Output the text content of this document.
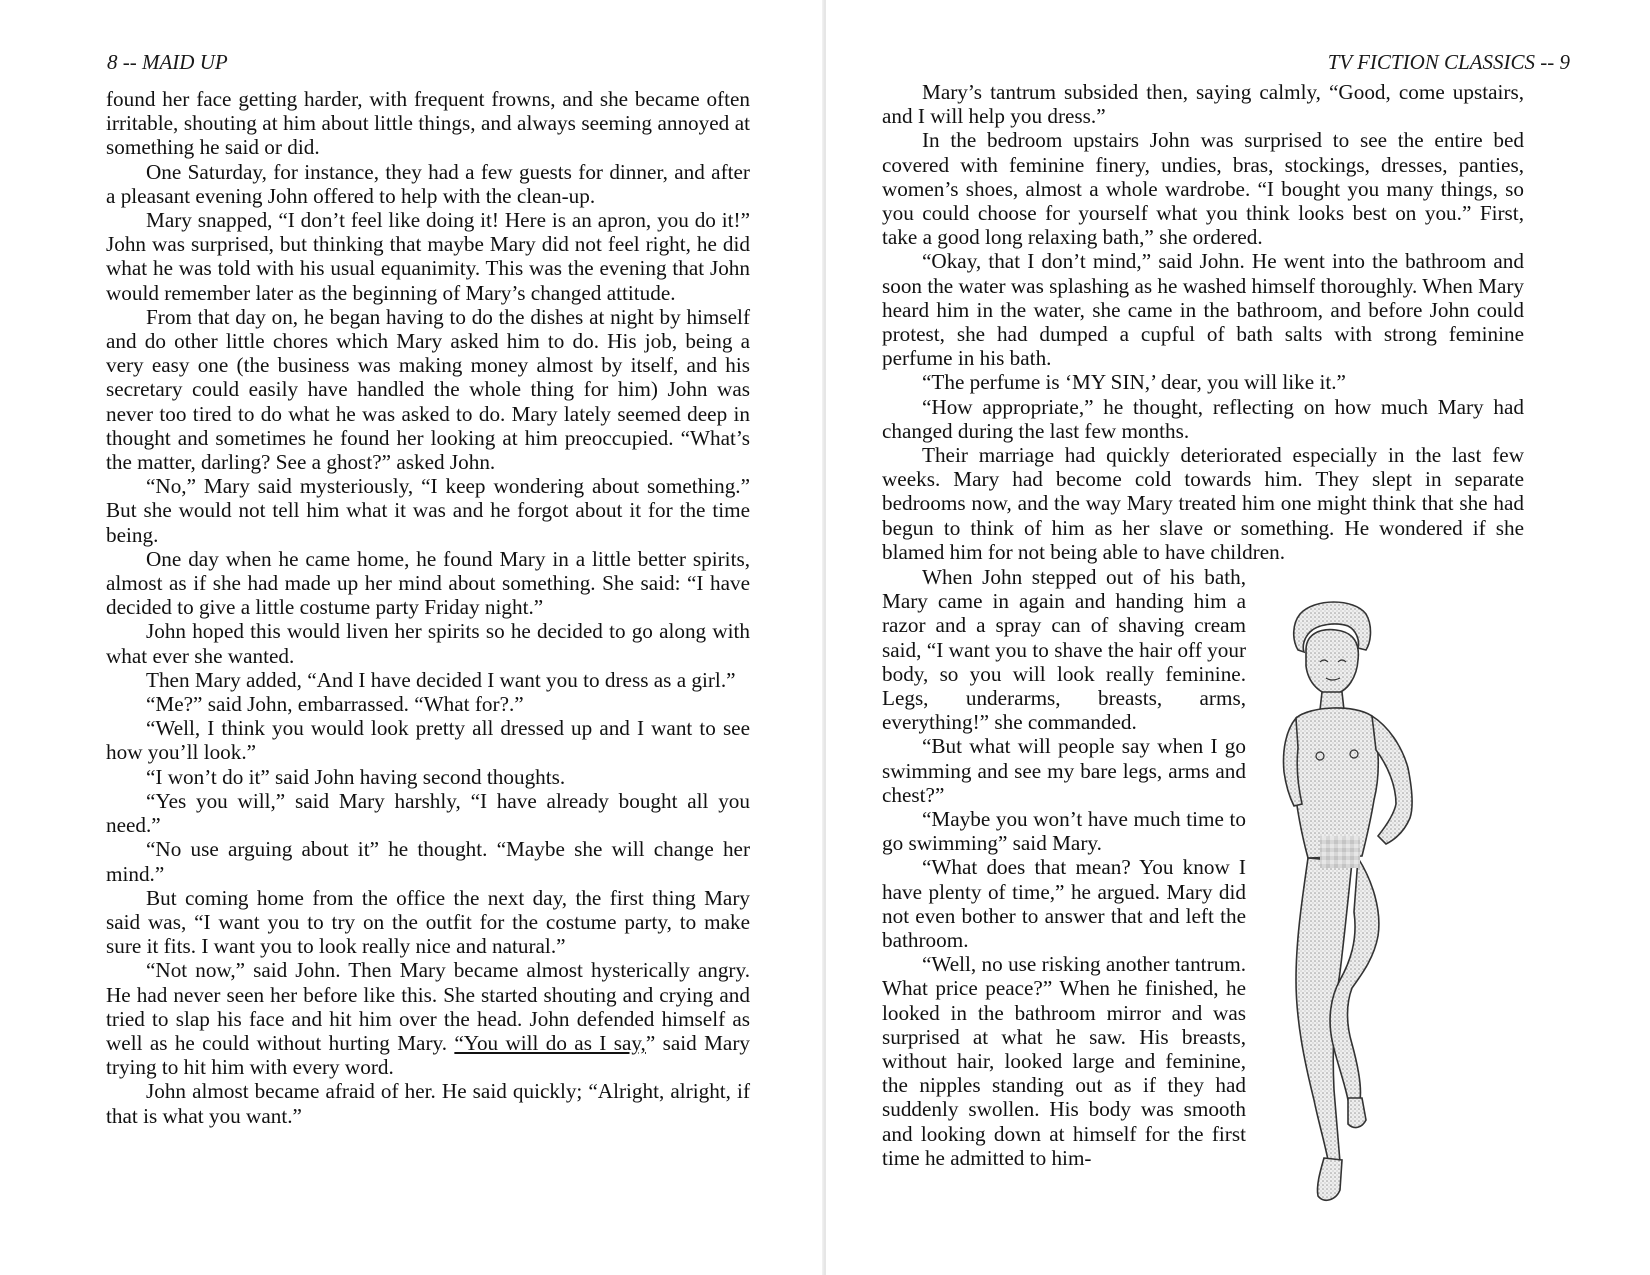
8 -- MAID UP

found her face getting harder, with frequent frowns, and she became often irritable, shouting at him about little things, and always seeming annoyed at something he said or did.

One Saturday, for instance, they had a few guests for dinner, and after a pleasant evening John offered to help with the clean-up.

Mary snapped, “I don’t feel like doing it! Here is an apron, you do it!” John was surprised, but thinking that maybe Mary did not feel right, he did what he was told with his usual equanimity. This was the evening that John would remember later as the beginning of Mary’s changed attitude.

From that day on, he began having to do the dishes at night by himself and do other little chores which Mary asked him to do. His job, being a very easy one (the business was making money almost by itself, and his secretary could easily have handled the whole thing for him) John was never too tired to do what he was asked to do. Mary lately seemed deep in thought and sometimes he found her looking at him preoccupied. “What’s the matter, darling? See a ghost?” asked John.

“No,” Mary said mysteriously, “I keep wondering about something.” But she would not tell him what it was and he forgot about it for the time being.

One day when he came home, he found Mary in a little better spirits, almost as if she had made up her mind about something. She said: “I have decided to give a little costume party Friday night.”

John hoped this would liven her spirits so he decided to go along with what ever she wanted.

Then Mary added, “And I have decided I want you to dress as a girl.”

“Me?” said John, embarrassed. “What for?.”

“Well, I think you would look pretty all dressed up and I want to see how you’ll look.”

“I won’t do it” said John having second thoughts.

“Yes you will,” said Mary harshly, “I have already bought all you need.”

“No use arguing about it” he thought. “Maybe she will change her mind.”

But coming home from the office the next day, the first thing Mary said was, “I want you to try on the outfit for the costume party, to make sure it fits. I want you to look really nice and natural.”

“Not now,” said John. Then Mary became almost hysterically angry. He had never seen her before like this. She started shouting and crying and tried to slap his face and hit him over the head. John defended himself as well as he could without hurting Mary. “You will do as I say,” said Mary trying to hit him with every word.

John almost became afraid of her. He said quickly; “Alright, alright, if that is what you want.”

TV FICTION CLASSICS -- 9

Mary’s tantrum subsided then, saying calmly, “Good, come upstairs, and I will help you dress.”

In the bedroom upstairs John was surprised to see the entire bed covered with feminine finery, undies, bras, stockings, dresses, panties, women’s shoes, almost a whole wardrobe. “I bought you many things, so you could choose for yourself what you think looks best on you.” First, take a good long relaxing bath,” she ordered.

“Okay, that I don’t mind,” said John. He went into the bathroom and soon the water was splashing as he washed himself thoroughly. When Mary heard him in the water, she came in the bathroom, and before John could protest, she had dumped a cupful of bath salts with strong feminine perfume in his bath.

“The perfume is ‘MY SIN,’ dear, you will like it.”

“How appropriate,” he thought, reflecting on how much Mary had changed during the last few months.

Their marriage had quickly deteriorated especially in the last few weeks. Mary had become cold towards him. They slept in separate bedrooms now, and the way Mary treated him one might think that she had begun to think of him as her slave or something. He wondered if she blamed him for not being able to have children.

When John stepped out of his bath, Mary came in again and handing him a razor and a spray can of shaving cream said, “I want you to shave the hair off your body, so you will look really feminine. Legs, underarms, breasts, arms, everything!” she commanded.

“But what will people say when I go swimming and see my bare legs, arms and chest?”

“Maybe you won’t have much time to go swimming” said Mary.

“What does that mean? You know I have plenty of time,” he argued. Mary did not even bother to answer that and left the bathroom.

“Well, no use risking another tantrum. What price peace?” When he finished, he looked in the bathroom mirror and was surprised at what he saw. His breasts, without hair, looked large and feminine, the nipples standing out as if they had suddenly swollen. His body was smooth and looking down at himself for the first time he admitted to him-
